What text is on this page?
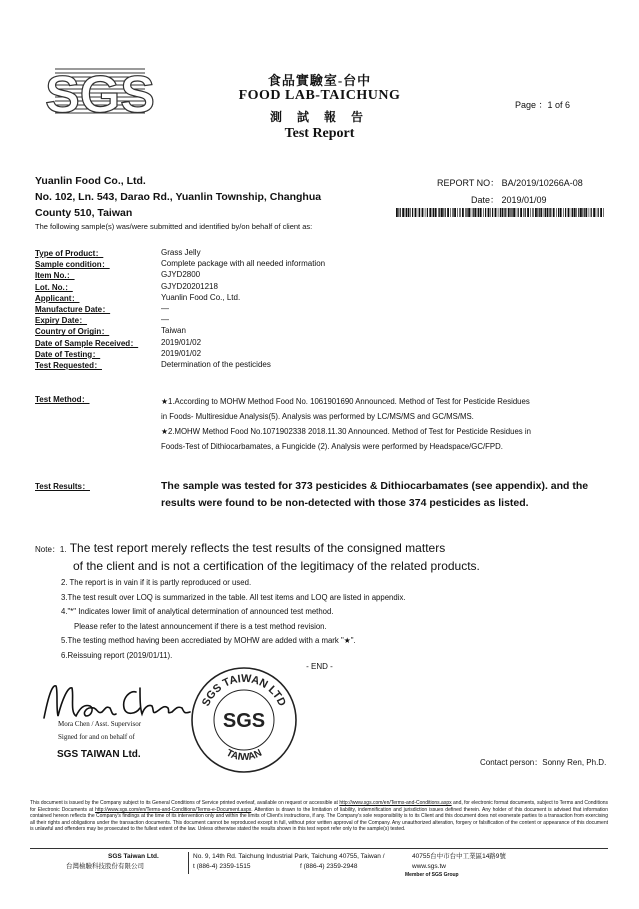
SGS	食品實驗室-台中
FOOD LAB-TAICHUNG
測 試 報 告
Test Report
Page ：1 of 6
Yuanlin Food Co., Ltd.
No. 102, Ln. 543, Darao Rd., Yuanlin Township, Changhua
County 510, Taiwan
REPORT NO： BA/2019/10266A-08
Date： 2019/01/09
The following sample(s) was/were submitted and identified by/on behalf of client as:
Type of Product：	Grass Jelly
Sample condition：	Complete package with all needed information
Item No.：	GJYD2800
Lot. No.：	GJYD20201218
Applicant：	Yuanlin Food Co., Ltd.
Manufacture Date：	—
Expiry Date：	—
Country of Origin：	Taiwan
Date of Sample Received：	2019/01/02
Date of Testing：	2019/01/02
Test Requested：	Determination of the pesticides
Test Method：	★1.According to MOHW Method Food No. 1061901690 Announced. Method of Test for Pesticide Residues
in Foods- Multiresidue Analysis(5). Analysis was performed by LC/MS/MS and GC/MS/MS.
★2.MOHW Method Food No.1071902338 2018.11.30 Announced. Method of Test for Pesticide Residues in
Foods-Test of Dithiocarbamates, a Fungicide (2). Analysis were performed by Headspace/GC/FPD.
Test Results：	The sample was tested for 373 pesticides & Dithiocarbamates (see appendix). and the
results were found to be non-detected with those 374 pesticides as listed.
Note：1. The test report merely reflects the test results of the consigned matters
of the client and is not a certification of the legitimacy of the related products.
2. The report is in vain if it is partly reproduced or used.
3.The test result over LOQ is summarized in the table. All test items and LOQ are listed in appendix.
4."*" Indicates lower limit of analytical determination of announced test method.
Please refer to the latest announcement if there is a test method revision.
5.The testing method having been accrediated by MOHW are added with a mark "★".
6.Reissuing report (2019/01/11).
- END -
Mora Chen / Asst. Supervisor
Signed for and on behalf of
SGS TAIWAN Ltd.
SGS TAIWAN LTD
TAIWAN
SGS
Contact person：Sonny Ren, Ph.D.
This document is issued by the Company subject to its General Conditions of Service printed overleaf, available on request or accessible at http://www.sgs.com/en/Terms-and-Conditions.aspx and, for electronic format documents, subject to Terms and Conditions for Electronic Documents at http://www.sgs.com/en/Terms-and-Conditions/Terms-e-Document.aspx. Attention is drawn to the limitation of liability, indemnification and jurisdiction issues defined therein. Any holder of this document is advised that information contained hereon reflects the Company's findings at the time of its intervention only and within the limits of Client's instructions, if any. The Company's sole responsibility is to its Client and this document does not exonerate parties to a transaction from exercising all their rights and obligations under the transaction documents. This document cannot be reproduced except in full, without prior written approval of the Company. Any unauthorized alteration, forgery or falsification of the content or appearance of this document is unlawful and offenders may be prosecuted to the fullest extent of the law. Unless otherwise stated the results shown in this test report refer only to the sample(s) tested.
SGS Taiwan Ltd.
台灣檢驗科技股份有限公司
No. 9, 14th Rd. Taichung Industrial Park, Taichung 40755, Taiwan /	40755台中市台中工業區14路9號
t (886-4) 2359-1515	f (886-4) 2359-2948	www.sgs.tw
Member of SGS Group
